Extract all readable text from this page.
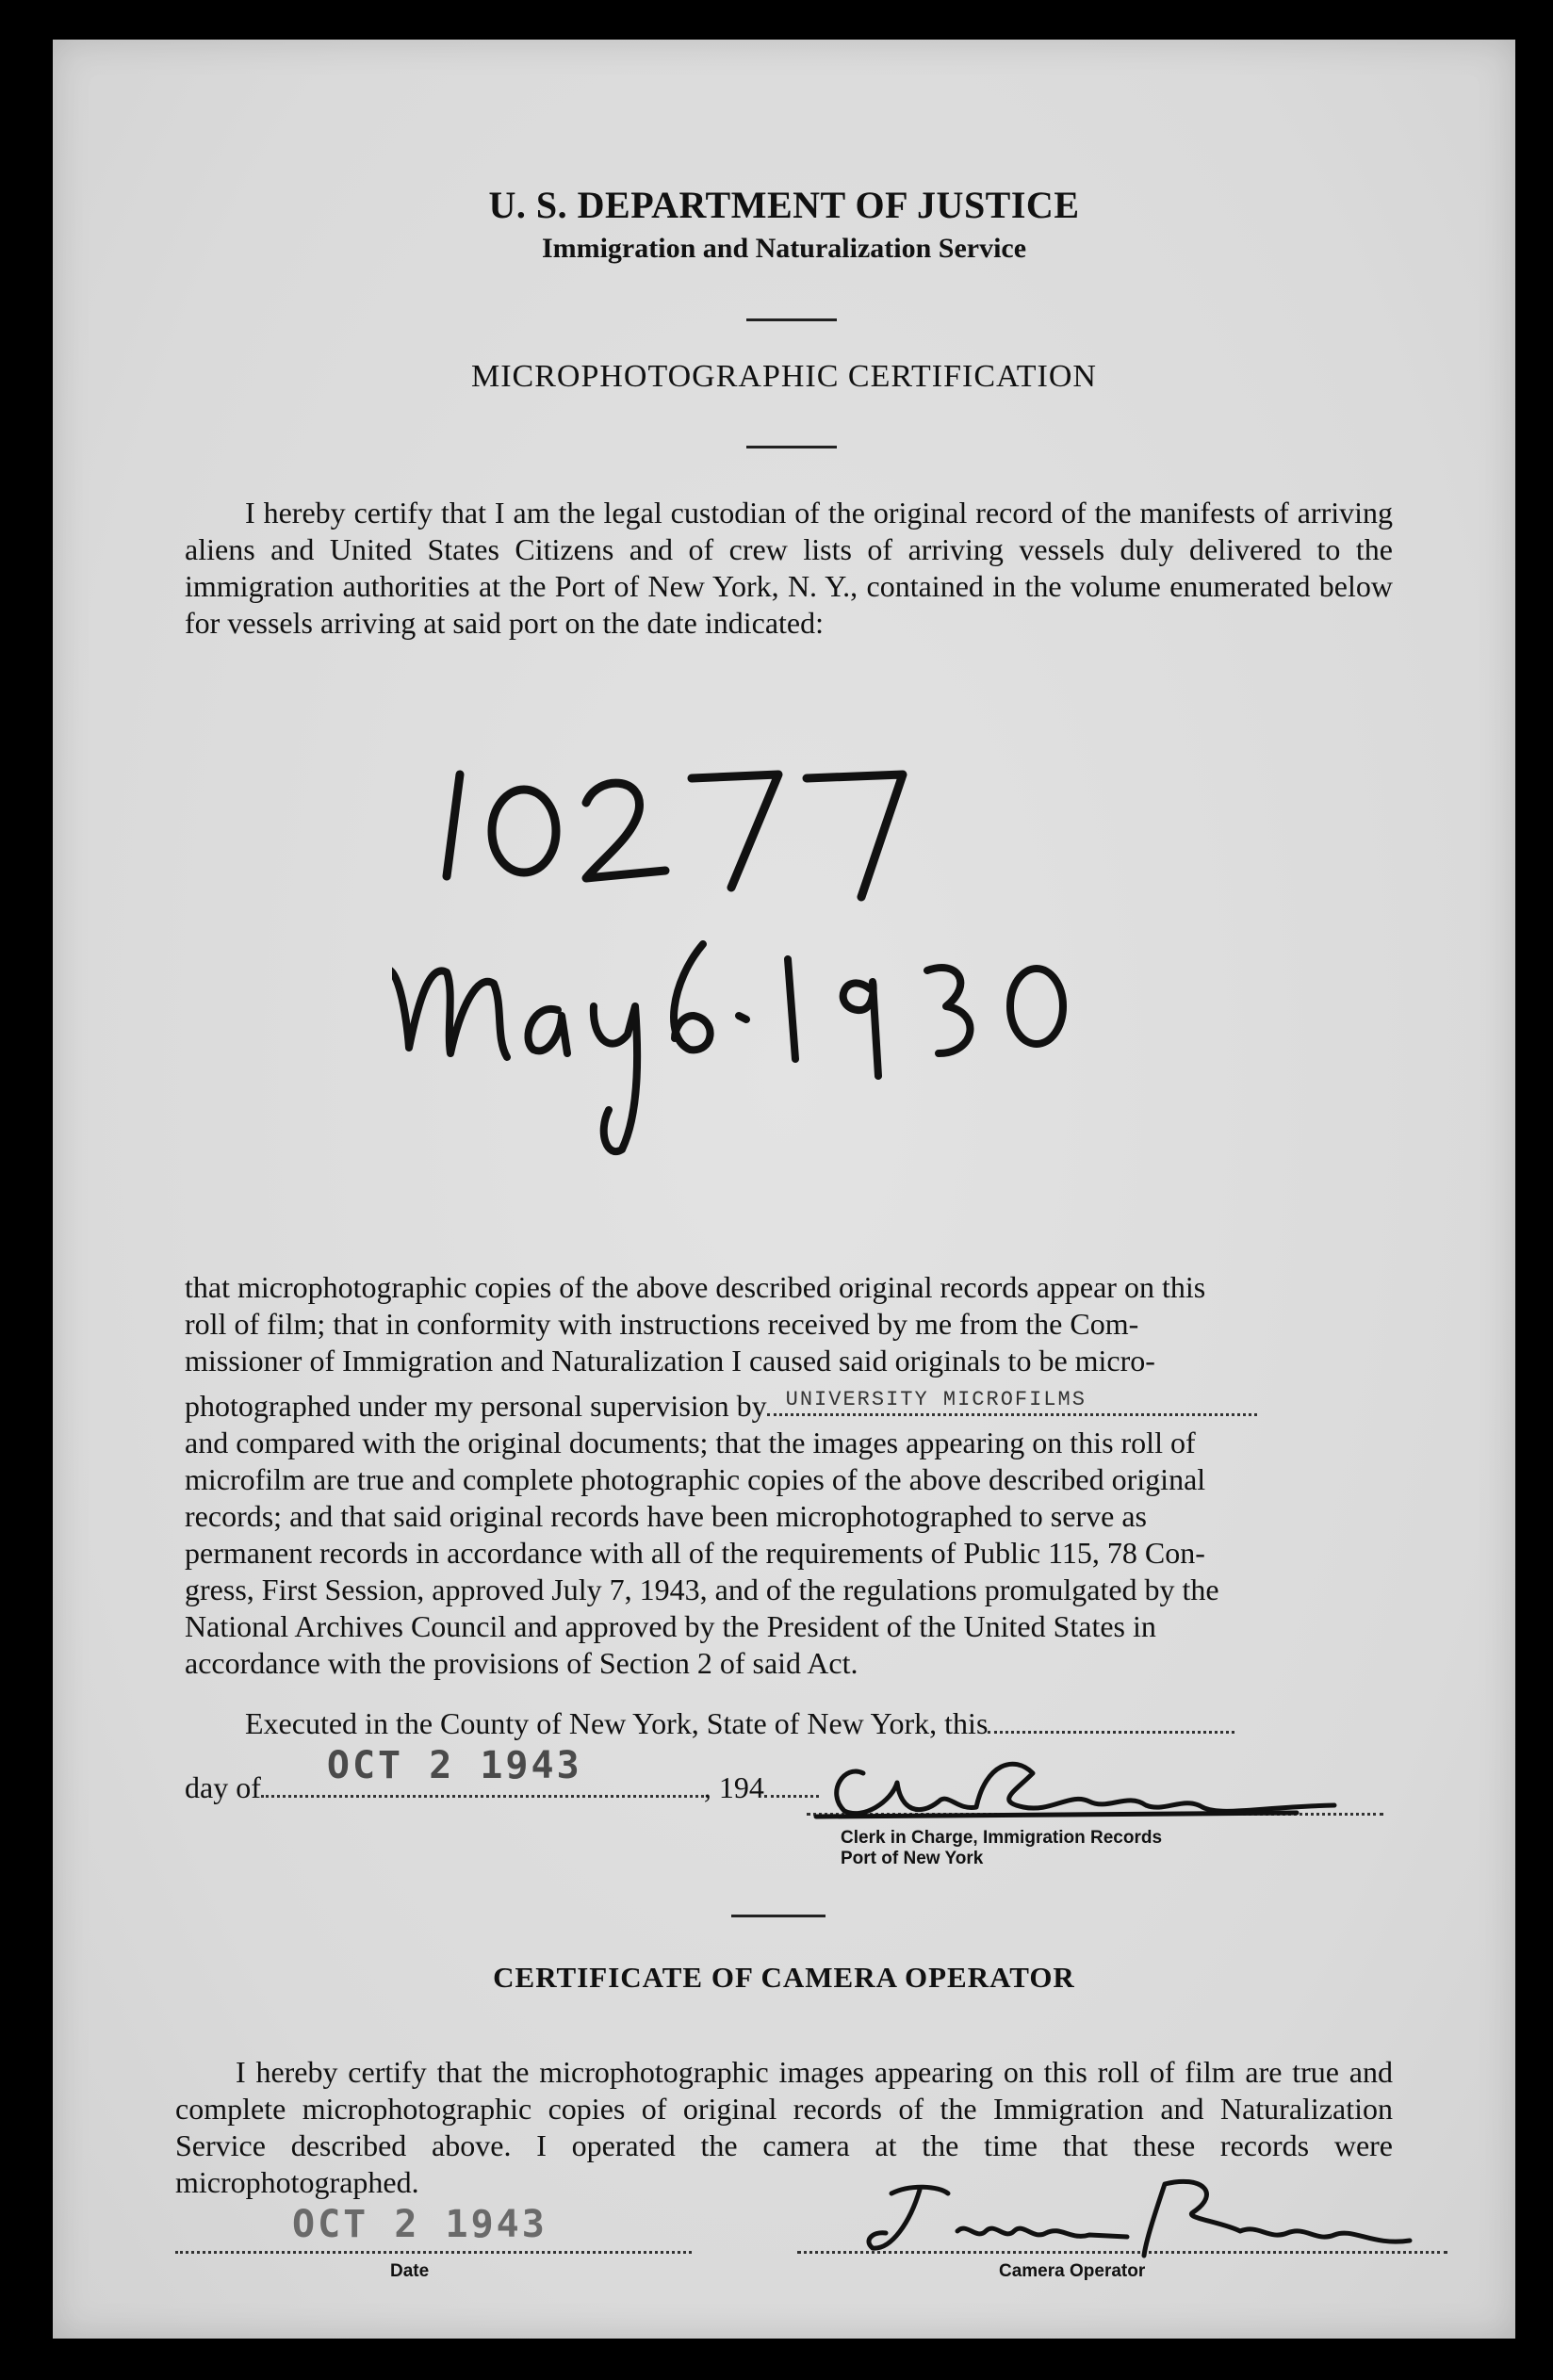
U. S. DEPARTMENT OF JUSTICE
Immigration and Naturalization Service
MICROPHOTOGRAPHIC CERTIFICATION
I hereby certify that I am the legal custodian of the original record of the manifests of arriving aliens and United States Citizens and of crew lists of arriving vessels duly delivered to the immigration authorities at the Port of New York, N. Y., contained in the volume enumerated below for vessels arriving at said port on the date indicated:
that microphotographic copies of the above described original records appear on this
roll of film; that in conformity with instructions received by me from the Com-
missioner of Immigration and Naturalization I caused said originals to be micro-
photographed under my personal supervision by UNIVERSITY MICROFILMS
and compared with the original documents; that the images appearing on this roll of
microfilm are true and complete photographic copies of the above described original
records; and that said original records have been microphotographed to serve as
permanent records in accordance with all of the requirements of Public 115, 78 Con-
gress, First Session, approved July 7, 1943, and of the regulations promulgated by the
National Archives Council and approved by the President of the United States in
accordance with the provisions of Section 2 of said Act.
Executed in the County of New York, State of New York, this
day of OCT 2 1943	, 194
Clerk in Charge, Immigration Records
Port of New York
CERTIFICATE OF CAMERA OPERATOR
I hereby certify that the microphotographic images appearing on this roll of film are true and complete microphotographic copies of original records of the Immigration and Naturalization Service described above. I operated the camera at the time that these records were microphotographed.
OCT 2 1943
Date	Camera Operator
